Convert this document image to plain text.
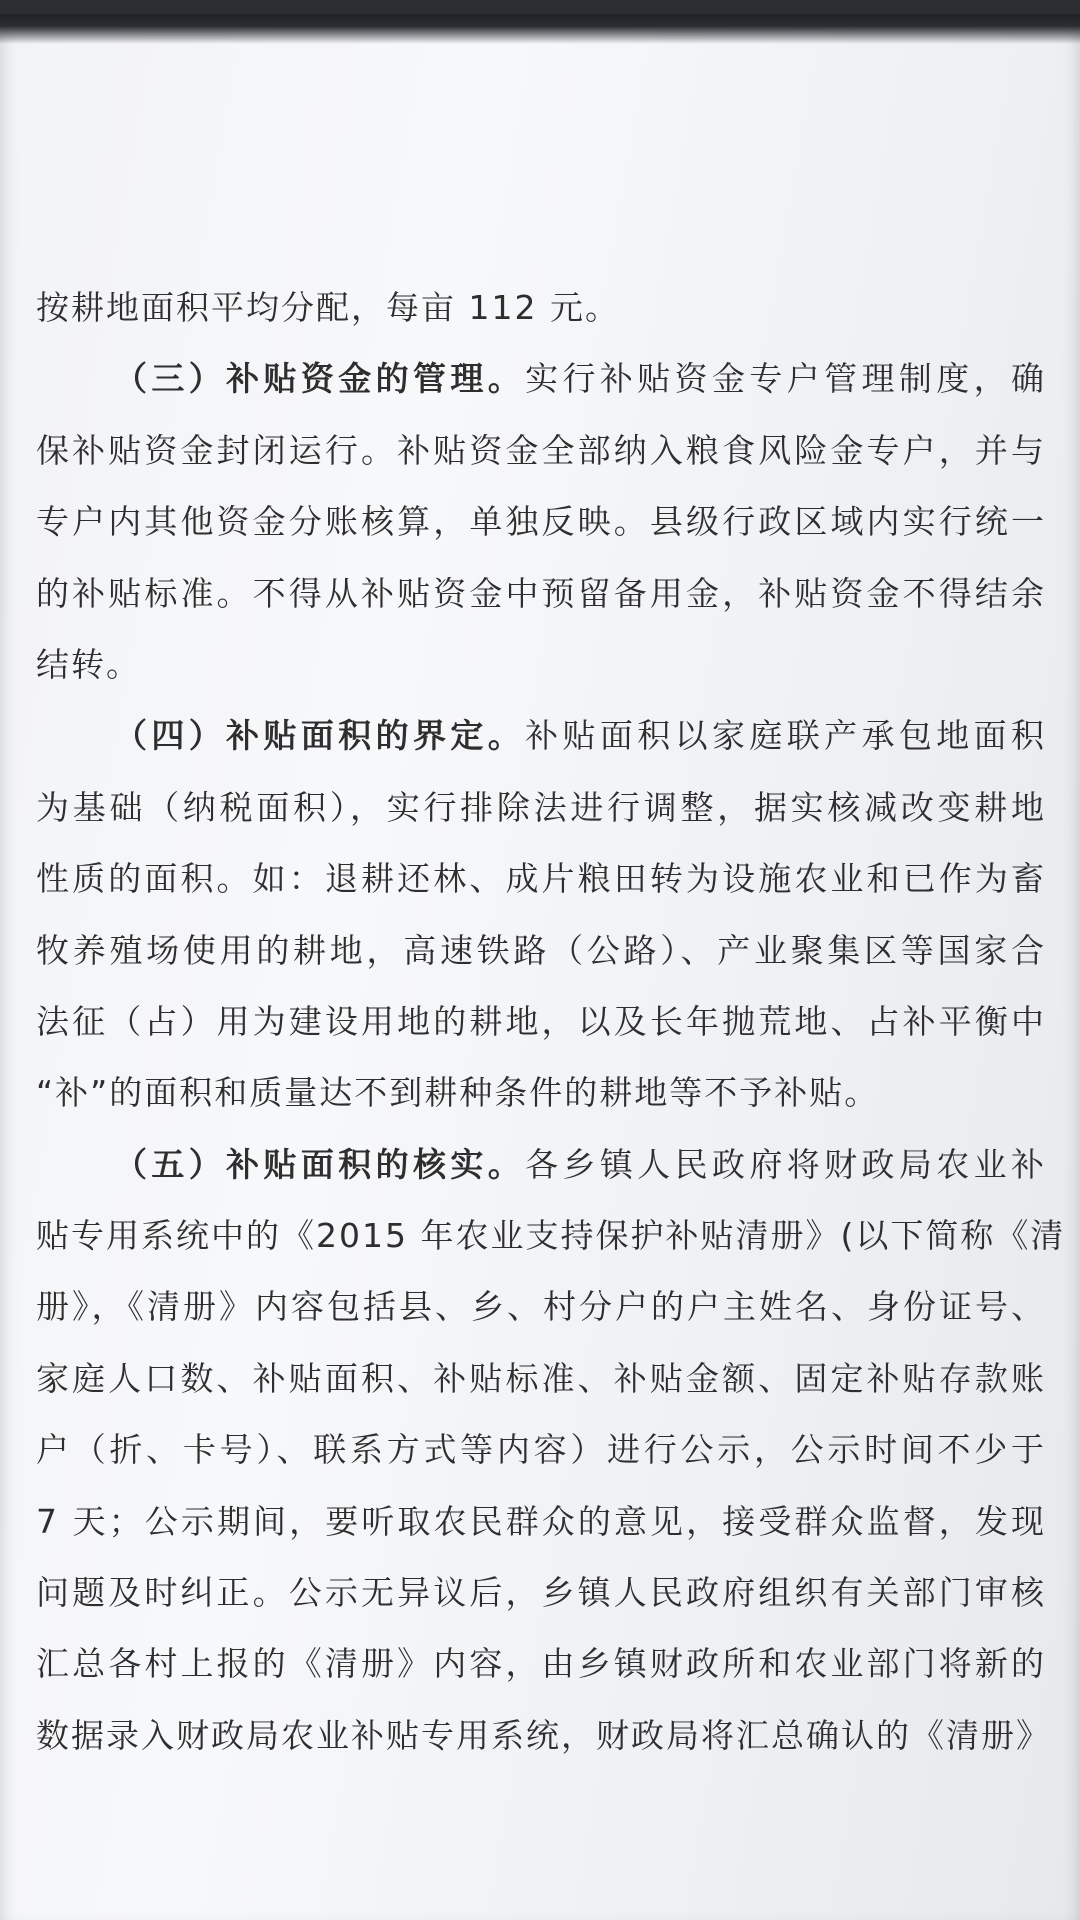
按耕地面积平均分配，每亩 112 元。
（三）补贴资金的管理。实行补贴资金专户管理制度，确
保补贴资金封闭运行。补贴资金全部纳入粮食风险金专户，并与
专户内其他资金分账核算，单独反映。县级行政区域内实行统一
的补贴标准。不得从补贴资金中预留备用金，补贴资金不得结余
结转。
（四）补贴面积的界定。补贴面积以家庭联产承包地面积
为基础（纳税面积），实行排除法进行调整，据实核减改变耕地
性质的面积。如：退耕还林、成片粮田转为设施农业和已作为畜
牧养殖场使用的耕地，高速铁路（公路）、产业聚集区等国家合
法征（占）用为建设用地的耕地，以及长年抛荒地、占补平衡中
“补”的面积和质量达不到耕种条件的耕地等不予补贴。
（五）补贴面积的核实。各乡镇人民政府将财政局农业补
贴专用系统中的《2015 年农业支持保护补贴清册》(以下简称《清
册》，《清册》内容包括县、乡、村分户的户主姓名、身份证号、
家庭人口数、补贴面积、补贴标准、补贴金额、固定补贴存款账
户（折、卡号）、联系方式等内容）进行公示，公示时间不少于
7 天；公示期间，要听取农民群众的意见，接受群众监督，发现
问题及时纠正。公示无异议后，乡镇人民政府组织有关部门审核
汇总各村上报的《清册》内容，由乡镇财政所和农业部门将新的
数据录入财政局农业补贴专用系统，财政局将汇总确认的《清册》
